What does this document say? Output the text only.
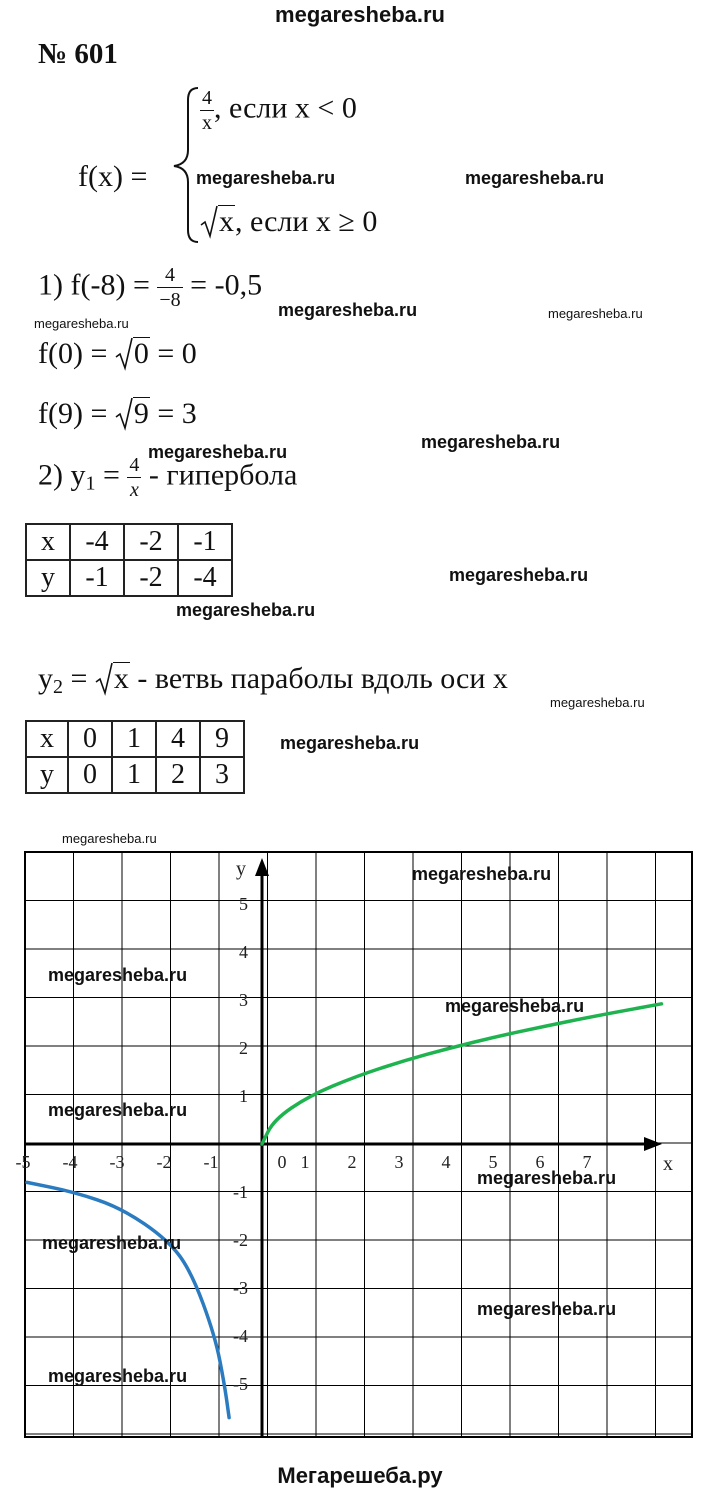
megaresheba.ru
№ 601
f(x) =
$\frac{4}{x}$ , если x < 0
x, если x ≥ 0
1) $f(-8) = \frac{4}{-8} = -0,5$
f(0) = 0 = 0
f(9) = 9 = 3
2) $y_1 = \frac{4}{x}$ - гипербола
x	-4	-2	-1
y	-1	-2	-4
$y_2 = x$ - ветвь параболы вдоль оси x
x	0	1	4	9
y	0	1	2	3
-5 -4 -3 -2 -1	0 1 2 3 4 5 6 7
5
4
3
2
1
-1
-2
-3
-4
-5
x
y
megaresheba.ru	megaresheba.ru
megaresheba.ru
megaresheba.ru	megaresheba.ru
megaresheba.ru	megaresheba.ru
megaresheba.ru
megaresheba.ru
megaresheba.ru
megaresheba.ru
megaresheba.ru
megaresheba.ru
megaresheba.ru
megaresheba.ru
megaresheba.ru
megaresheba.ru
megaresheba.ru
megaresheba.ru
megaresheba.ru
Мегарешеба.ру
